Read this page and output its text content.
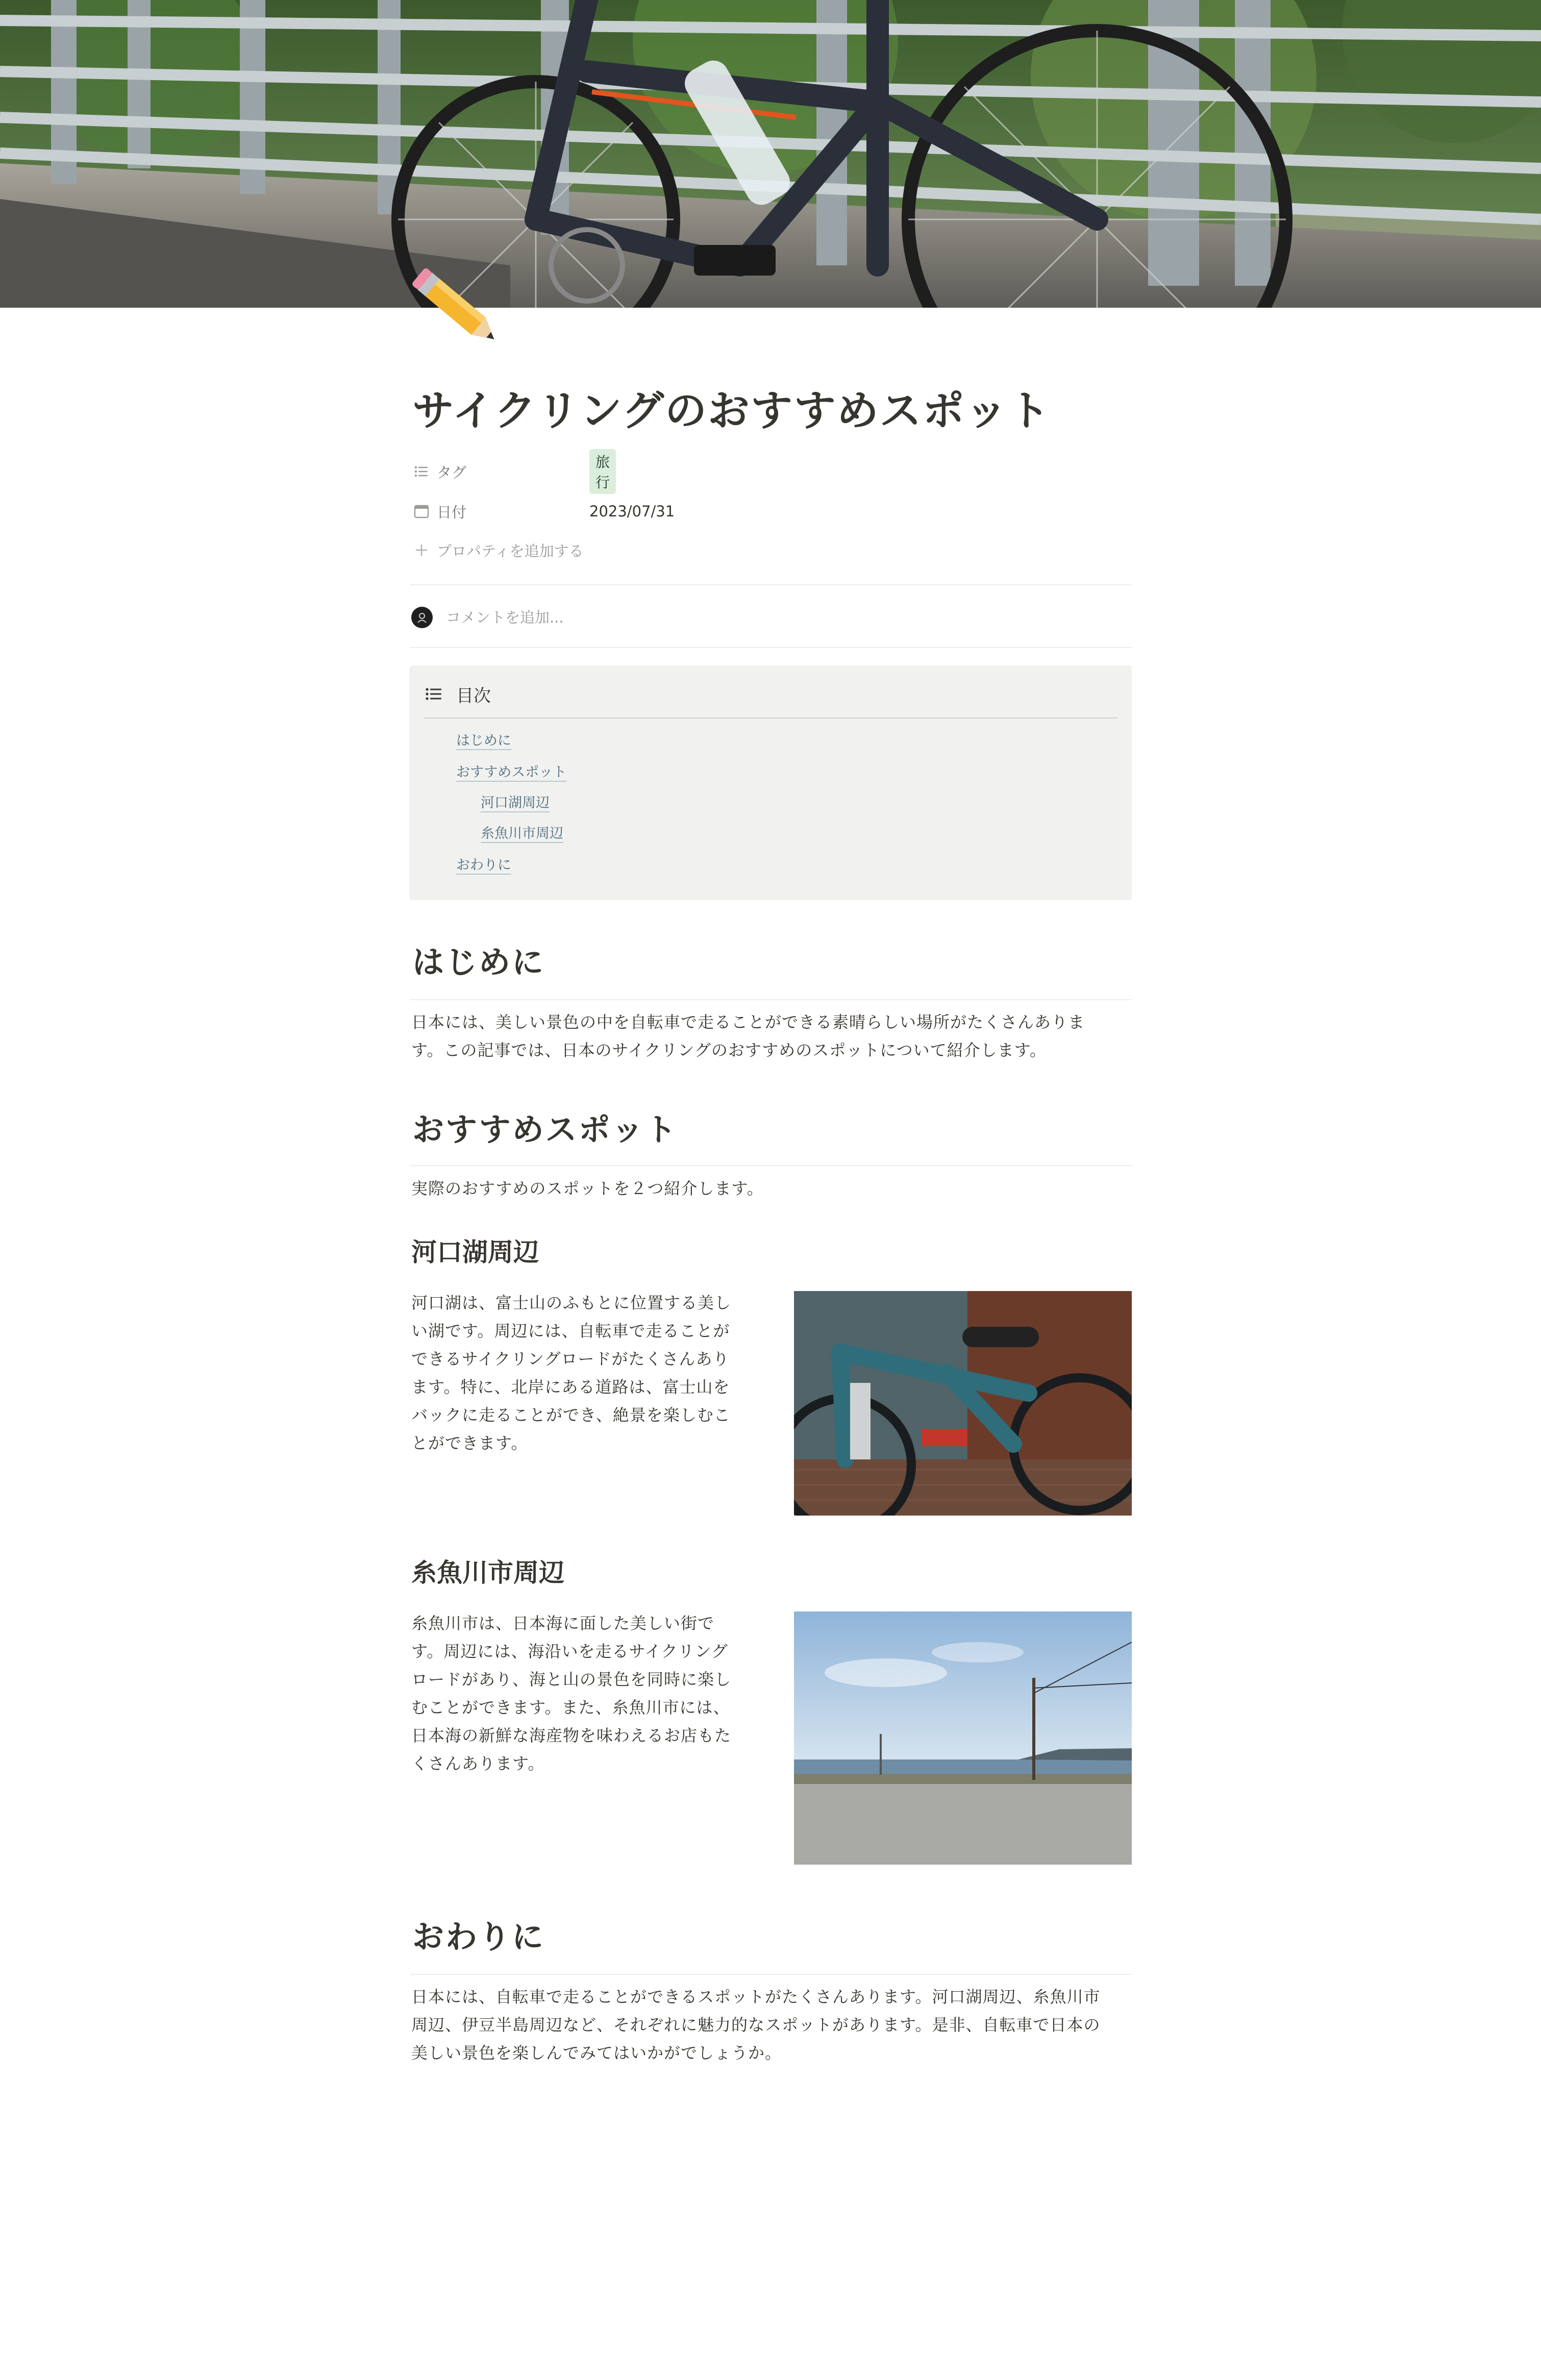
サイクリングのおすすめスポット
タグ
旅行
日付	2023/07/31
プロパティを追加する
コメントを追加...
目次
はじめに
おすすめスポット
河口湖周辺
糸魚川市周辺
おわりに
はじめに

日本には、美しい景色の中を自転車で走ることができる素晴らしい場所がたくさんありま
す。この記事では、日本のサイクリングのおすすめのスポットについて紹介します。

おすすめスポット

実際のおすすめのスポットを２つ紹介します。

河口湖周辺

河口湖は、富士山のふもとに位置する美し
い湖です。周辺には、自転車で走ることが
できるサイクリングロードがたくさんあり
ます。特に、北岸にある道路は、富士山を
バックに走ることができ、絶景を楽しむこ
とができます。

糸魚川市周辺

糸魚川市は、日本海に面した美しい街で
す。周辺には、海沿いを走るサイクリング
ロードがあり、海と山の景色を同時に楽し
むことができます。また、糸魚川市には、
日本海の新鮮な海産物を味わえるお店もた
くさんあります。

おわりに

日本には、自転車で走ることができるスポットがたくさんあります。河口湖周辺、糸魚川市
周辺、伊豆半島周辺など、それぞれに魅力的なスポットがあります。是非、自転車で日本の
美しい景色を楽しんでみてはいかがでしょうか。
